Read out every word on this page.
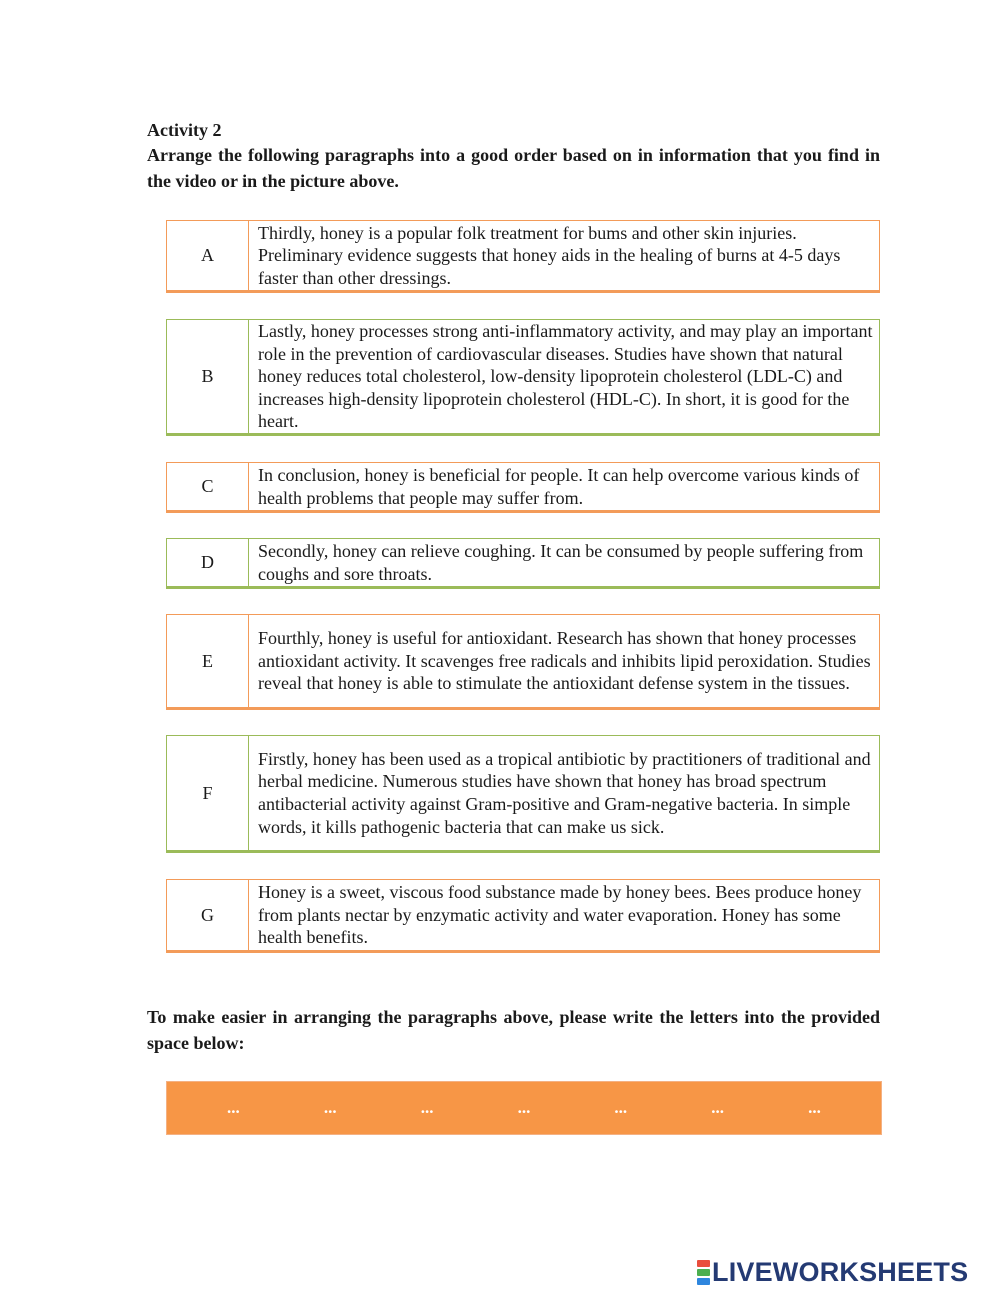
Activity 2
Arrange the following paragraphs into a good order based on in information that you find in the video or in the picture above.
A
Thirdly, honey is a popular folk treatment for bums and other skin injuries. Preliminary evidence suggests that honey aids in the healing of burns at 4-5 days faster than other dressings.
B
Lastly, honey processes strong anti-inflammatory activity, and may play an important role in the prevention of cardiovascular diseases. Studies have shown that natural honey reduces total cholesterol, low-density lipoprotein cholesterol (LDL-C) and increases high-density lipoprotein cholesterol (HDL-C). In short, it is good for the heart.
C
In conclusion, honey is beneficial for people. It can help overcome various kinds of health problems that people may suffer from.
D
Secondly, honey can relieve coughing. It can be consumed by people suffering from coughs and sore throats.
E
Fourthly, honey is useful for antioxidant. Research has shown that honey processes antioxidant activity. It scavenges free radicals and inhibits lipid peroxidation. Studies reveal that honey is able to stimulate the antioxidant defense system in the tissues.
F
Firstly, honey has been used as a tropical antibiotic by practitioners of traditional and herbal medicine. Numerous studies have shown that honey has broad spectrum antibacterial activity against Gram-positive and Gram-negative bacteria. In simple words, it kills pathogenic bacteria that can make us sick.
G
Honey is a sweet, viscous food substance made by honey bees. Bees produce honey from plants nectar by enzymatic activity and water evaporation. Honey has some health benefits.
To make easier in arranging the paragraphs above, please write the letters into the provided space below:
...	...	...	...	...	...	...
LIVEWORKSHEETS
